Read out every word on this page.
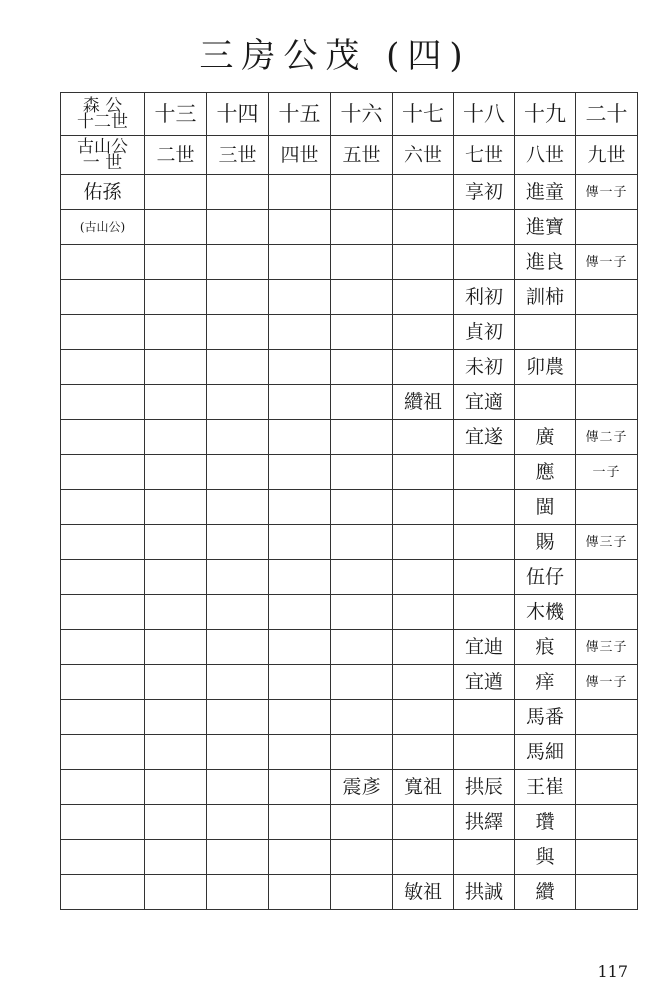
三房公茂 (四)
森 公
十二世	十三	十四	十五	十六	十七	十八	十九	二十

古山公
一 世	二世	三世	四世	五世	六世	七世	八世	九世
佑孫						享初	進童	傳一子
(古山公)							進寶	
							進良	傳一子
						利初	訓柿	
						貞初		
						未初	卯農	
					纘祖	宜適		
						宜遂	廣	傳二子
							應	一子
							閩	
							賜	傳三子
							伍仔	
							木機	
						宜迪	痕	傳三子
						宜遒	痒	傳一子
							馬番	
							馬細	
				震彥	寬祖	拱辰	王崔	
						拱繹	瓚	
							與	
					敏祖	拱誠	纘	
117
